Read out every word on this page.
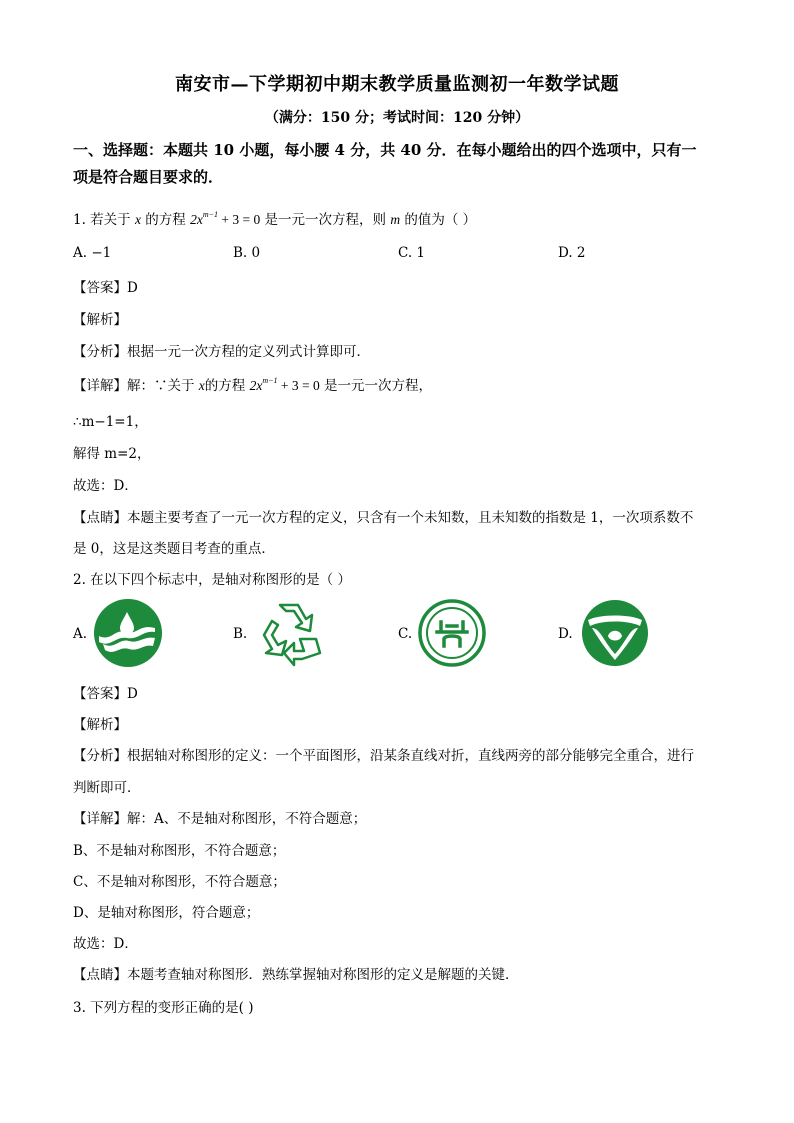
南安市—下学期初中期末教学质量监测初一年数学试题
（满分：150 分；考试时间：120 分钟）
一、选择题：本题共 10 小题，每小腰 4 分，共 40 分．在每小题给出的四个选项中，只有一
项是符合题目要求的．
1. 若关于 x 的方程 $2x^{m-1} + 3 = 0$ 是一元一次方程，则 m 的值为（ ）
A. −1	B. 0	C. 1	D. 2
【答案】D
【解析】
【分析】根据一元一次方程的定义列式计算即可．
【详解】解：∵关于 x的方程 $2x^{m-1} + 3 = 0$ 是一元一次方程，
∴m−1=1，
解得 m=2，
故选：D．
【点睛】本题主要考查了一元一次方程的定义，只含有一个未知数，且未知数的指数是 1，一次项系数不
是 0，这是这类题目考查的重点．
2. 在以下四个标志中，是轴对称图形的是（ ）
A.	B.	C.	D.
【答案】D
【解析】
【分析】根据轴对称图形的定义：一个平面图形，沿某条直线对折，直线两旁的部分能够完全重合，进行
判断即可．
【详解】解：A、不是轴对称图形，不符合题意；
B、不是轴对称图形，不符合题意；
C、不是轴对称图形，不符合题意；
D、是轴对称图形，符合题意；
故选：D．
【点睛】本题考查轴对称图形．熟练掌握轴对称图形的定义是解题的关键．
3. 下列方程的变形正确的是( )
